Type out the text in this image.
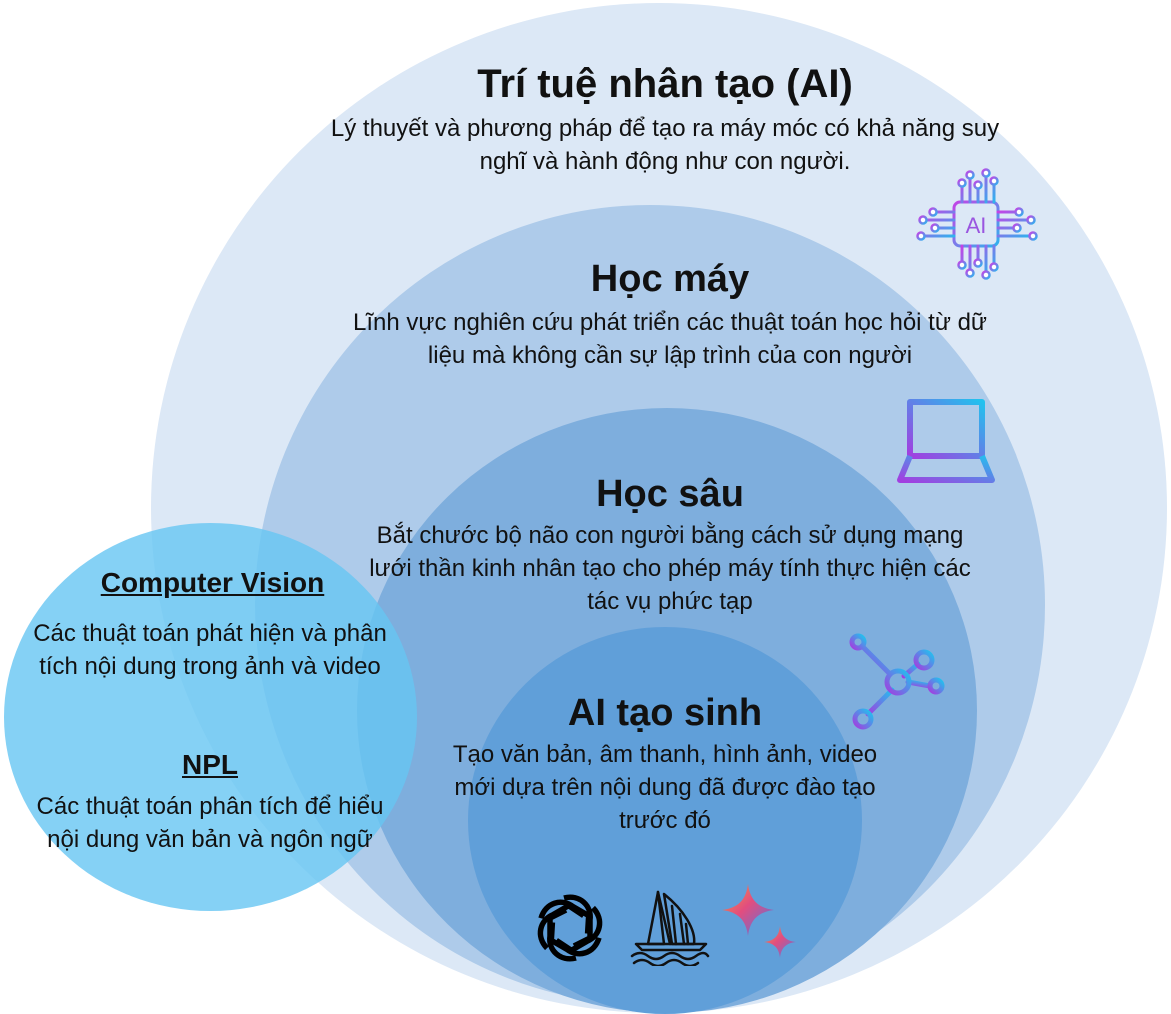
Trí tuệ nhân tạo (AI)
Lý thuyết và phương pháp để tạo ra máy móc có khả năng suy nghĩ và hành động như con người.
Học máy
Lĩnh vực nghiên cứu phát triển các thuật toán học hỏi từ dữ liệu mà không cần sự lập trình của con người
Học sâu
Bắt chước bộ não con người bằng cách sử dụng mạng lưới thần kinh nhân tạo cho phép máy tính thực hiện các tác vụ phức tạp
AI tạo sinh
Tạo văn bản, âm thanh, hình ảnh, video mới dựa trên nội dung đã được đào tạo trước đó
Computer Vision
Các thuật toán phát hiện và phân tích nội dung trong ảnh và video
NPL
Các thuật toán phân tích để hiểu nội dung văn bản và ngôn ngữ
AI
